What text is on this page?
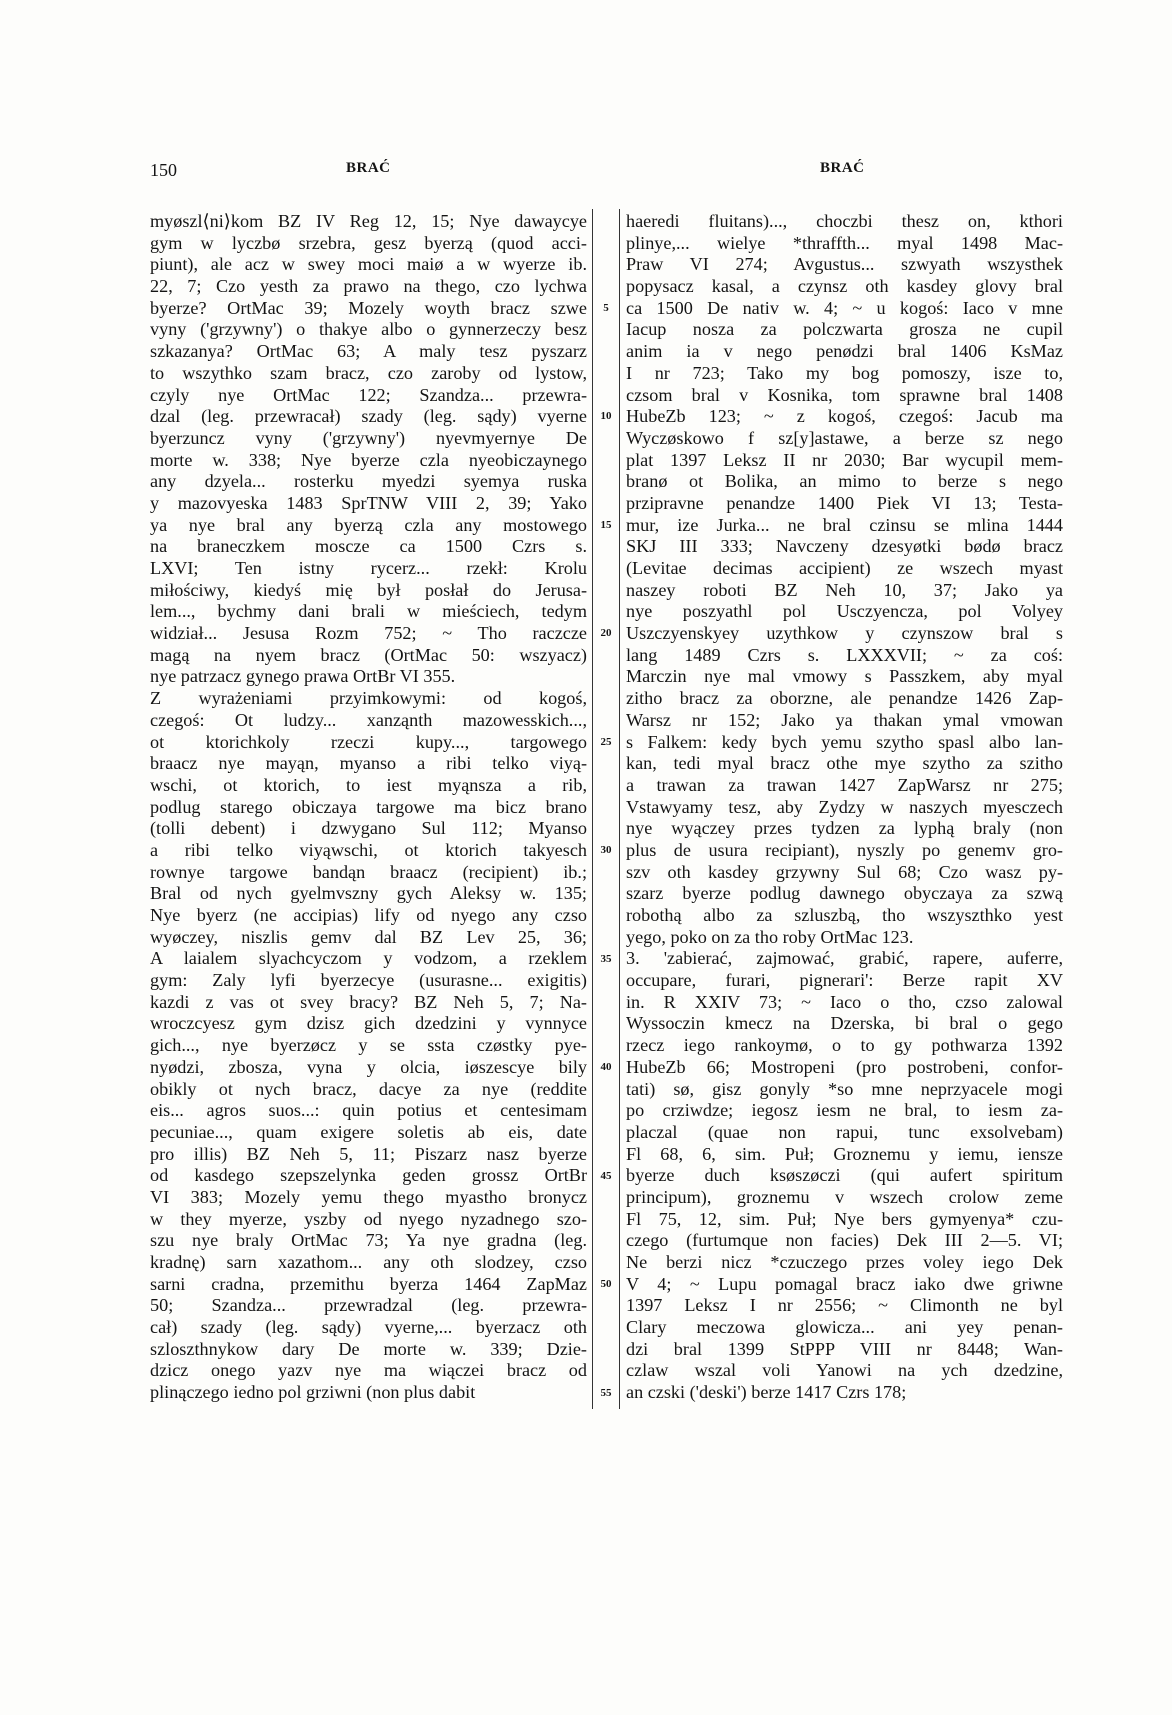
150	BRAĆ	BRAĆ
myøszl⟨ni⟩kom BZ IV Reg 12, 15; Nye dawaycye
gym w lyczbø srzebra, gesz byerzą (quod acci-
piunt), ale acz w swey moci maiø a w wyerze ib.
22, 7; Czo yesth za prawo na thego, czo lychwa
byerze? OrtMac 39; Mozely woyth bracz szwe
vyny ('grzywny') o thakye albo o gynnerzeczy besz
szkazanya? OrtMac 63; A maly tesz pyszarz
to wszythko szam bracz, czo zaroby od lystow,
czyly nye OrtMac 122; Szandza... przewra-
dzal (leg. przewracał) szady (leg. sądy) vyerne
byerzuncz vyny ('grzywny') nyevmyernye De
morte w. 338; Nye byerze czla nyeobiczaynego
any dzyela... rosterku myedzi syemya ruska
y mazovyeska 1483 SprTNW VIII 2, 39; Yako
ya nye bral any byerzą czla any mostowego
na braneczkem moscze ca 1500 Czrs s.
LXVI; Ten istny rycerz... rzekł: Krolu
miłościwy, kiedyś mię był posłał do Jerusa-
lem..., bychmy dani brali w mieściech, tedym
widział... Jesusa Rozm 752; ~ Tho raczcze
magą na nyem bracz (OrtMac 50: wszyacz)
nye patrzacz gynego prawa OrtBr VI 355.
Z wyrażeniami przyimkowymi: od kogoś,
czegoś: Ot ludzy... xanząnth mazowesskich...,
ot ktorichkoly rzeczi kupy..., targowego
braacz nye mayąn, myanso a ribi telko viyą-
wschi, ot ktorich, to iest myąnsza a rib,
podlug starego obiczaya targowe ma bicz brano
(tolli debent) i dzwygano Sul 112; Myanso
a ribi telko viyąwschi, ot ktorich takyesch
rownye targowe bandąn braacz (recipient) ib.;
Bral od nych gyelmvszny gych Aleksy w. 135;
Nye byerz (ne accipias) lify od nyego any czso
wyøczey, niszlis gemv dal BZ Lev 25, 36;
A laialem slyachcyczom y vodzom, a rzeklem
gym: Zaly lyfi byerzecye (usurasne... exigitis)
kazdi z vas ot svey bracy? BZ Neh 5, 7; Na-
wroczcyesz gym dzisz gich dzedzini y vynnyce
gich..., nye byerzøcz y se ssta czøstky pye-
nyødzi, zbosza, vyna y olcia, iøszescye bily
obikly ot nych bracz, dacye za nye (reddite
eis... agros suos...: quin potius et centesimam
pecuniae..., quam exigere soletis ab eis, date
pro illis) BZ Neh 5, 11; Piszarz nasz byerze
od kasdego szepszelynka geden grossz OrtBr
VI 383; Mozely yemu thego myastho bronycz
w they myerze, yszby od nyego nyzadnego szo-
szu nye braly OrtMac 73; Ya nye gradna (leg.
kradnę) sarn xazathom... any oth slodzey, czso
sarni cradna, przemithu byerza 1464 ZapMaz
50; Szandza... przewradzal (leg. przewra-
cał) szady (leg. sądy) vyerne,... byerzacz oth
szloszthnykow dary De morte w. 339; Dzie-
dzicz onego yazv nye ma wiączei bracz od
plinączego iedno pol grziwni (non plus dabit
5
10
15
20
25
30
35
40
45
50
55
haeredi fluitans)..., choczbi thesz on, kthori
plinye,... wielye *thraffth... myal 1498 Mac-
Praw VI 274; Avgustus... szwyath wszysthek
popysacz kasal, a czynsz oth kasdey glovy bral
ca 1500 De nativ w. 4; ~ u kogoś: Iaco v mne
Iacup nosza za polczwarta grosza ne cupil
anim ia v nego penødzi bral 1406 KsMaz
I nr 723; Tako my bog pomoszy, isze to,
czsom bral v Kosnika, tom sprawne bral 1408
HubeZb 123; ~ z kogoś, czegoś: Jacub ma
Wyczøskowo f sz[y]astawe, a berze sz nego
plat 1397 Leksz II nr 2030; Bar wycupil mem-
branø ot Bolika, an mimo to berze s nego
przipravne penandze 1400 Piek VI 13; Testa-
mur, ize Jurka... ne bral czinsu se mlina 1444
SKJ III 333; Navczeny dzesyøtki bødø bracz
(Levitae decimas accipient) ze wszech myast
naszey roboti BZ Neh 10, 37; Jako ya
nye poszyathl pol Usczyencza, pol Volyey
Uszczyenskyey uzythkow y czynszow bral s
lang 1489 Czrs s. LXXXVII; ~ za coś:
Marczin nye mal vmowy s Passzkem, aby myal
zitho bracz za oborzne, ale penandze 1426 Zap-
Warsz nr 152; Jako ya thakan ymal vmowan
s Falkem: kedy bych yemu szytho spasl albo lan-
kan, tedi myal bracz othe mye szytho za szitho
a trawan za trawan 1427 ZapWarsz nr 275;
Vstawyamy tesz, aby Zydzy w naszych myesczech
nye wyączey przes tydzen za lyphą braly (non
plus de usura recipiant), nyszly po genemv gro-
szv oth kasdey grzywny Sul 68; Czo wasz py-
szarz byerze podlug dawnego obyczaya za szwą
robothą albo za szluszbą, tho wszyszthko yest
yego, poko on za tho roby OrtMac 123.
3. 'zabierać, zajmować, grabić, rapere, auferre,
occupare, furari, pignerari': Berze rapit XV
in. R XXIV 73; ~ Iaco o tho, czso zalowal
Wyssoczin kmecz na Dzerska, bi bral o gego
rzecz iego rankoymø, o to gy pothwarza 1392
HubeZb 66; Mostropeni (pro postrobeni, confor-
tati) sø, gisz gonyly *so mne neprzyacele mogi
po crziwdze; iegosz iesm ne bral, to iesm za-
placzal (quae non rapui, tunc exsolvebam)
Fl 68, 6, sim. Puł; Groznemu y iemu, iensze
byerze duch ksøszøczi (qui aufert spiritum
principum), groznemu v wszech crolow zeme
Fl 75, 12, sim. Puł; Nye bers gymyenya* czu-
czego (furtumque non facies) Dek III 2—5. VI;
Ne berzi nicz *czuczego przes voley iego Dek
V 4; ~ Lupu pomagal bracz iako dwe griwne
1397 Leksz I nr 2556; ~ Climonth ne byl
Clary meczowa glowicza... ani yey penan-
dzi bral 1399 StPPP VIII nr 8448; Wan-
czlaw wszal voli Yanowi na ych dzedzine,
an czski ('deski') berze 1417 Czrs 178;
